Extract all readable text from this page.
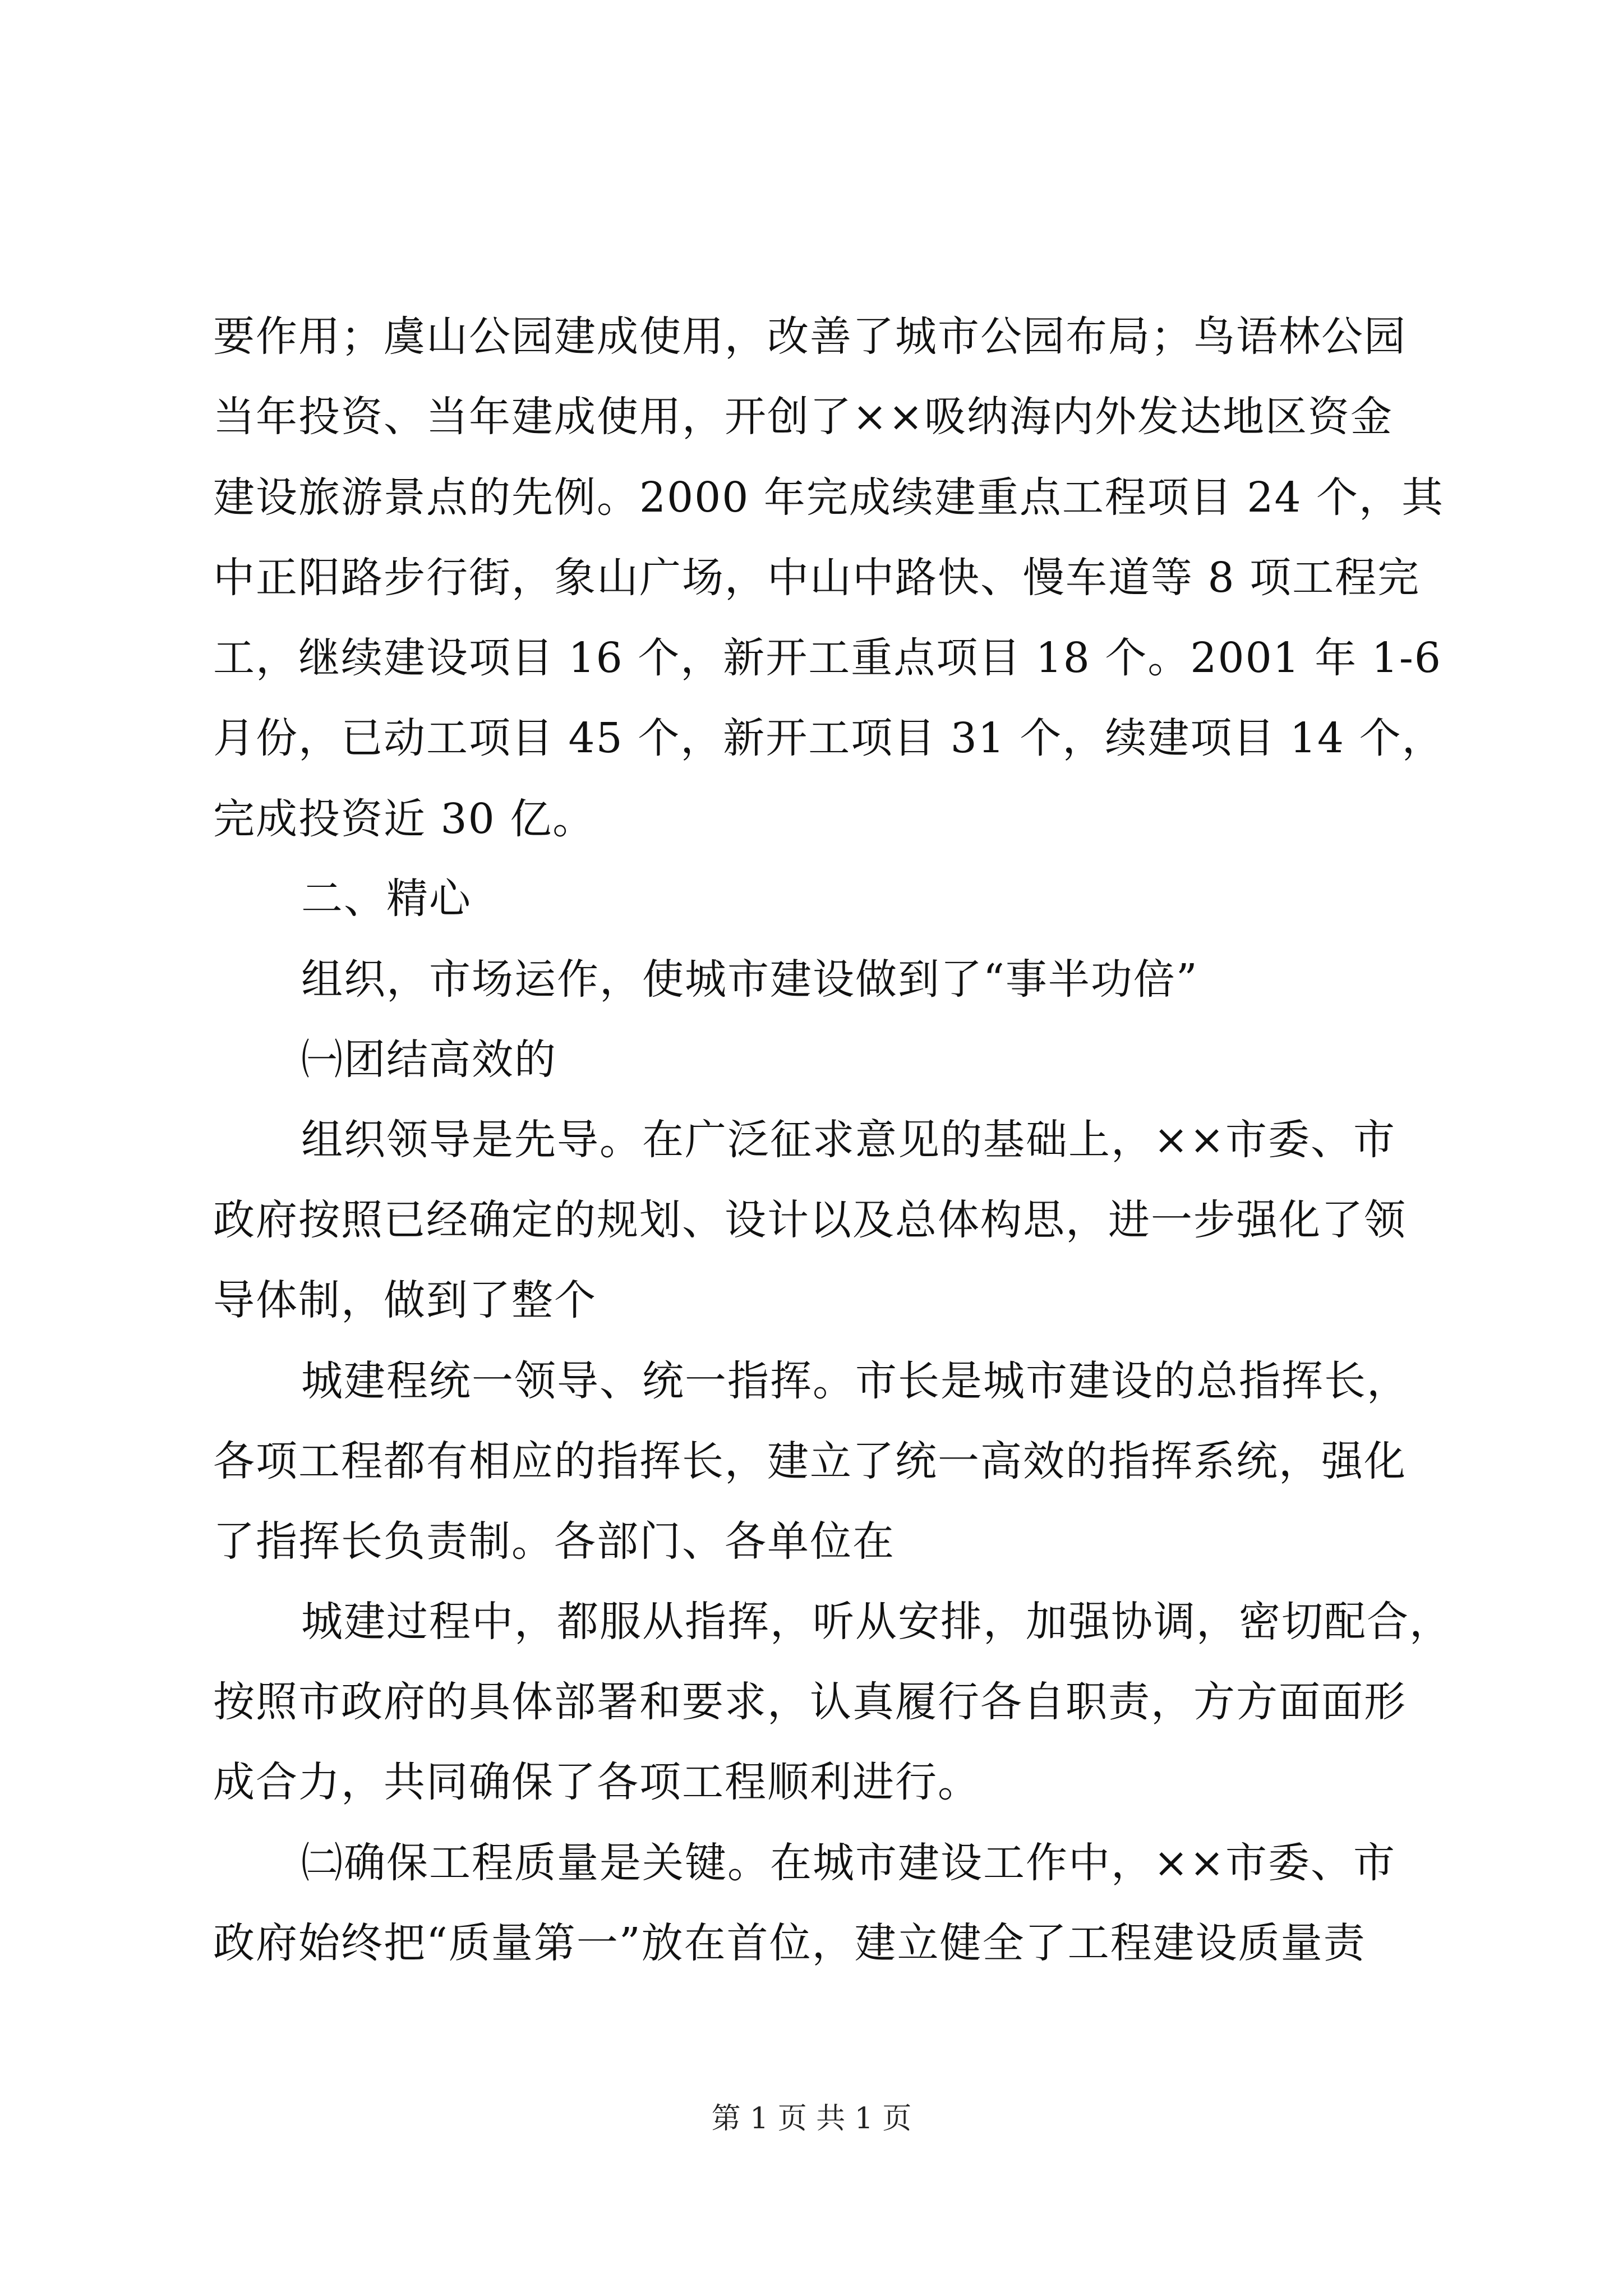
要作用；虞山公园建成使用，改善了城市公园布局；鸟语林公园
当年投资、当年建成使用，开创了××吸纳海内外发达地区资金
建设旅游景点的先例。2000 年完成续建重点工程项目 24 个，其
中正阳路步行街，象山广场，中山中路快、慢车道等 8 项工程完
工，继续建设项目 16 个，新开工重点项目 18 个。2001 年 1-6
月份，已动工项目 45 个，新开工项目 31 个，续建项目 14 个，
完成投资近 30 亿。
二、精心
组织，市场运作，使城市建设做到了“事半功倍”
㈠团结高效的
组织领导是先导。在广泛征求意见的基础上，××市委、市
政府按照已经确定的规划、设计以及总体构思，进一步强化了领
导体制，做到了整个
城建程统一领导、统一指挥。市长是城市建设的总指挥长，
各项工程都有相应的指挥长，建立了统一高效的指挥系统，强化
了指挥长负责制。各部门、各单位在
城建过程中，都服从指挥，听从安排，加强协调，密切配合，
按照市政府的具体部署和要求，认真履行各自职责，方方面面形
成合力，共同确保了各项工程顺利进行。
㈡确保工程质量是关键。在城市建设工作中，××市委、市
政府始终把“质量第一”放在首位，建立健全了工程建设质量责
第 1 页 共 1 页
